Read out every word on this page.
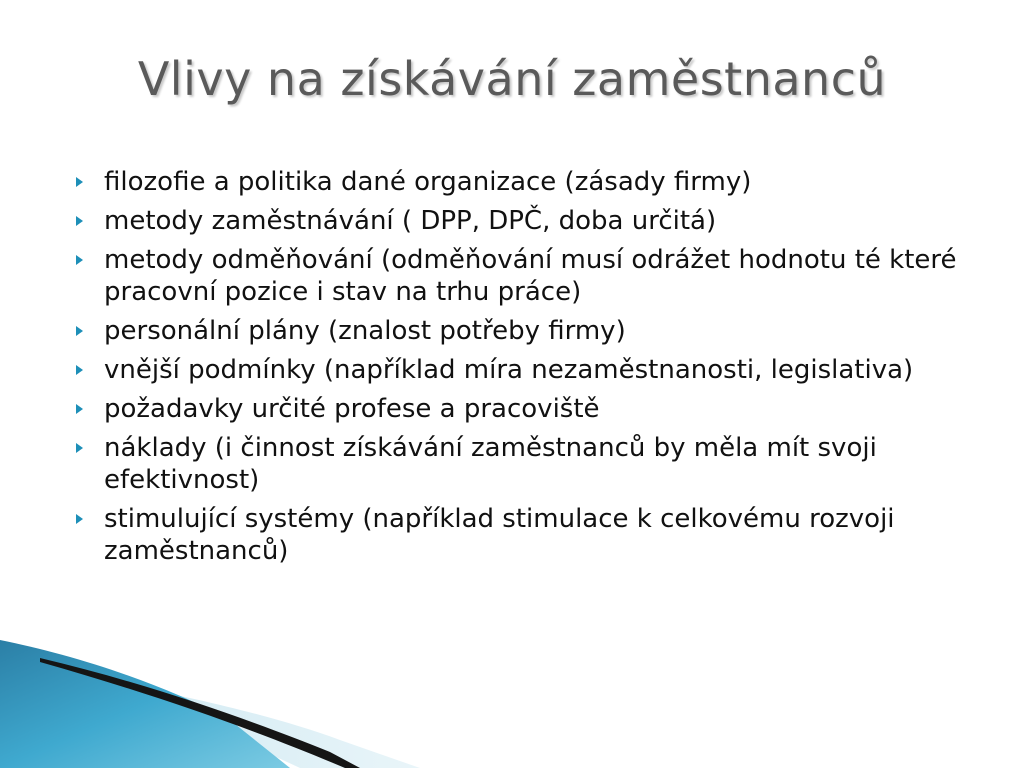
Vlivy na získávání zaměstnanců
filozofie a politika dané organizace (zásady firmy)
metody zaměstnávání ( DPP, DPČ, doba určitá)
metody odměňování (odměňování musí odrážet hodnotu té které pracovní pozice i stav na trhu práce)
personální plány (znalost potřeby firmy)
vnější podmínky (například míra nezaměstnanosti, legislativa)
požadavky určité profese a pracoviště
náklady (i činnost získávání zaměstnanců by měla mít svoji efektivnost)
stimulující systémy (například stimulace k celkovému rozvoji zaměstnanců)
